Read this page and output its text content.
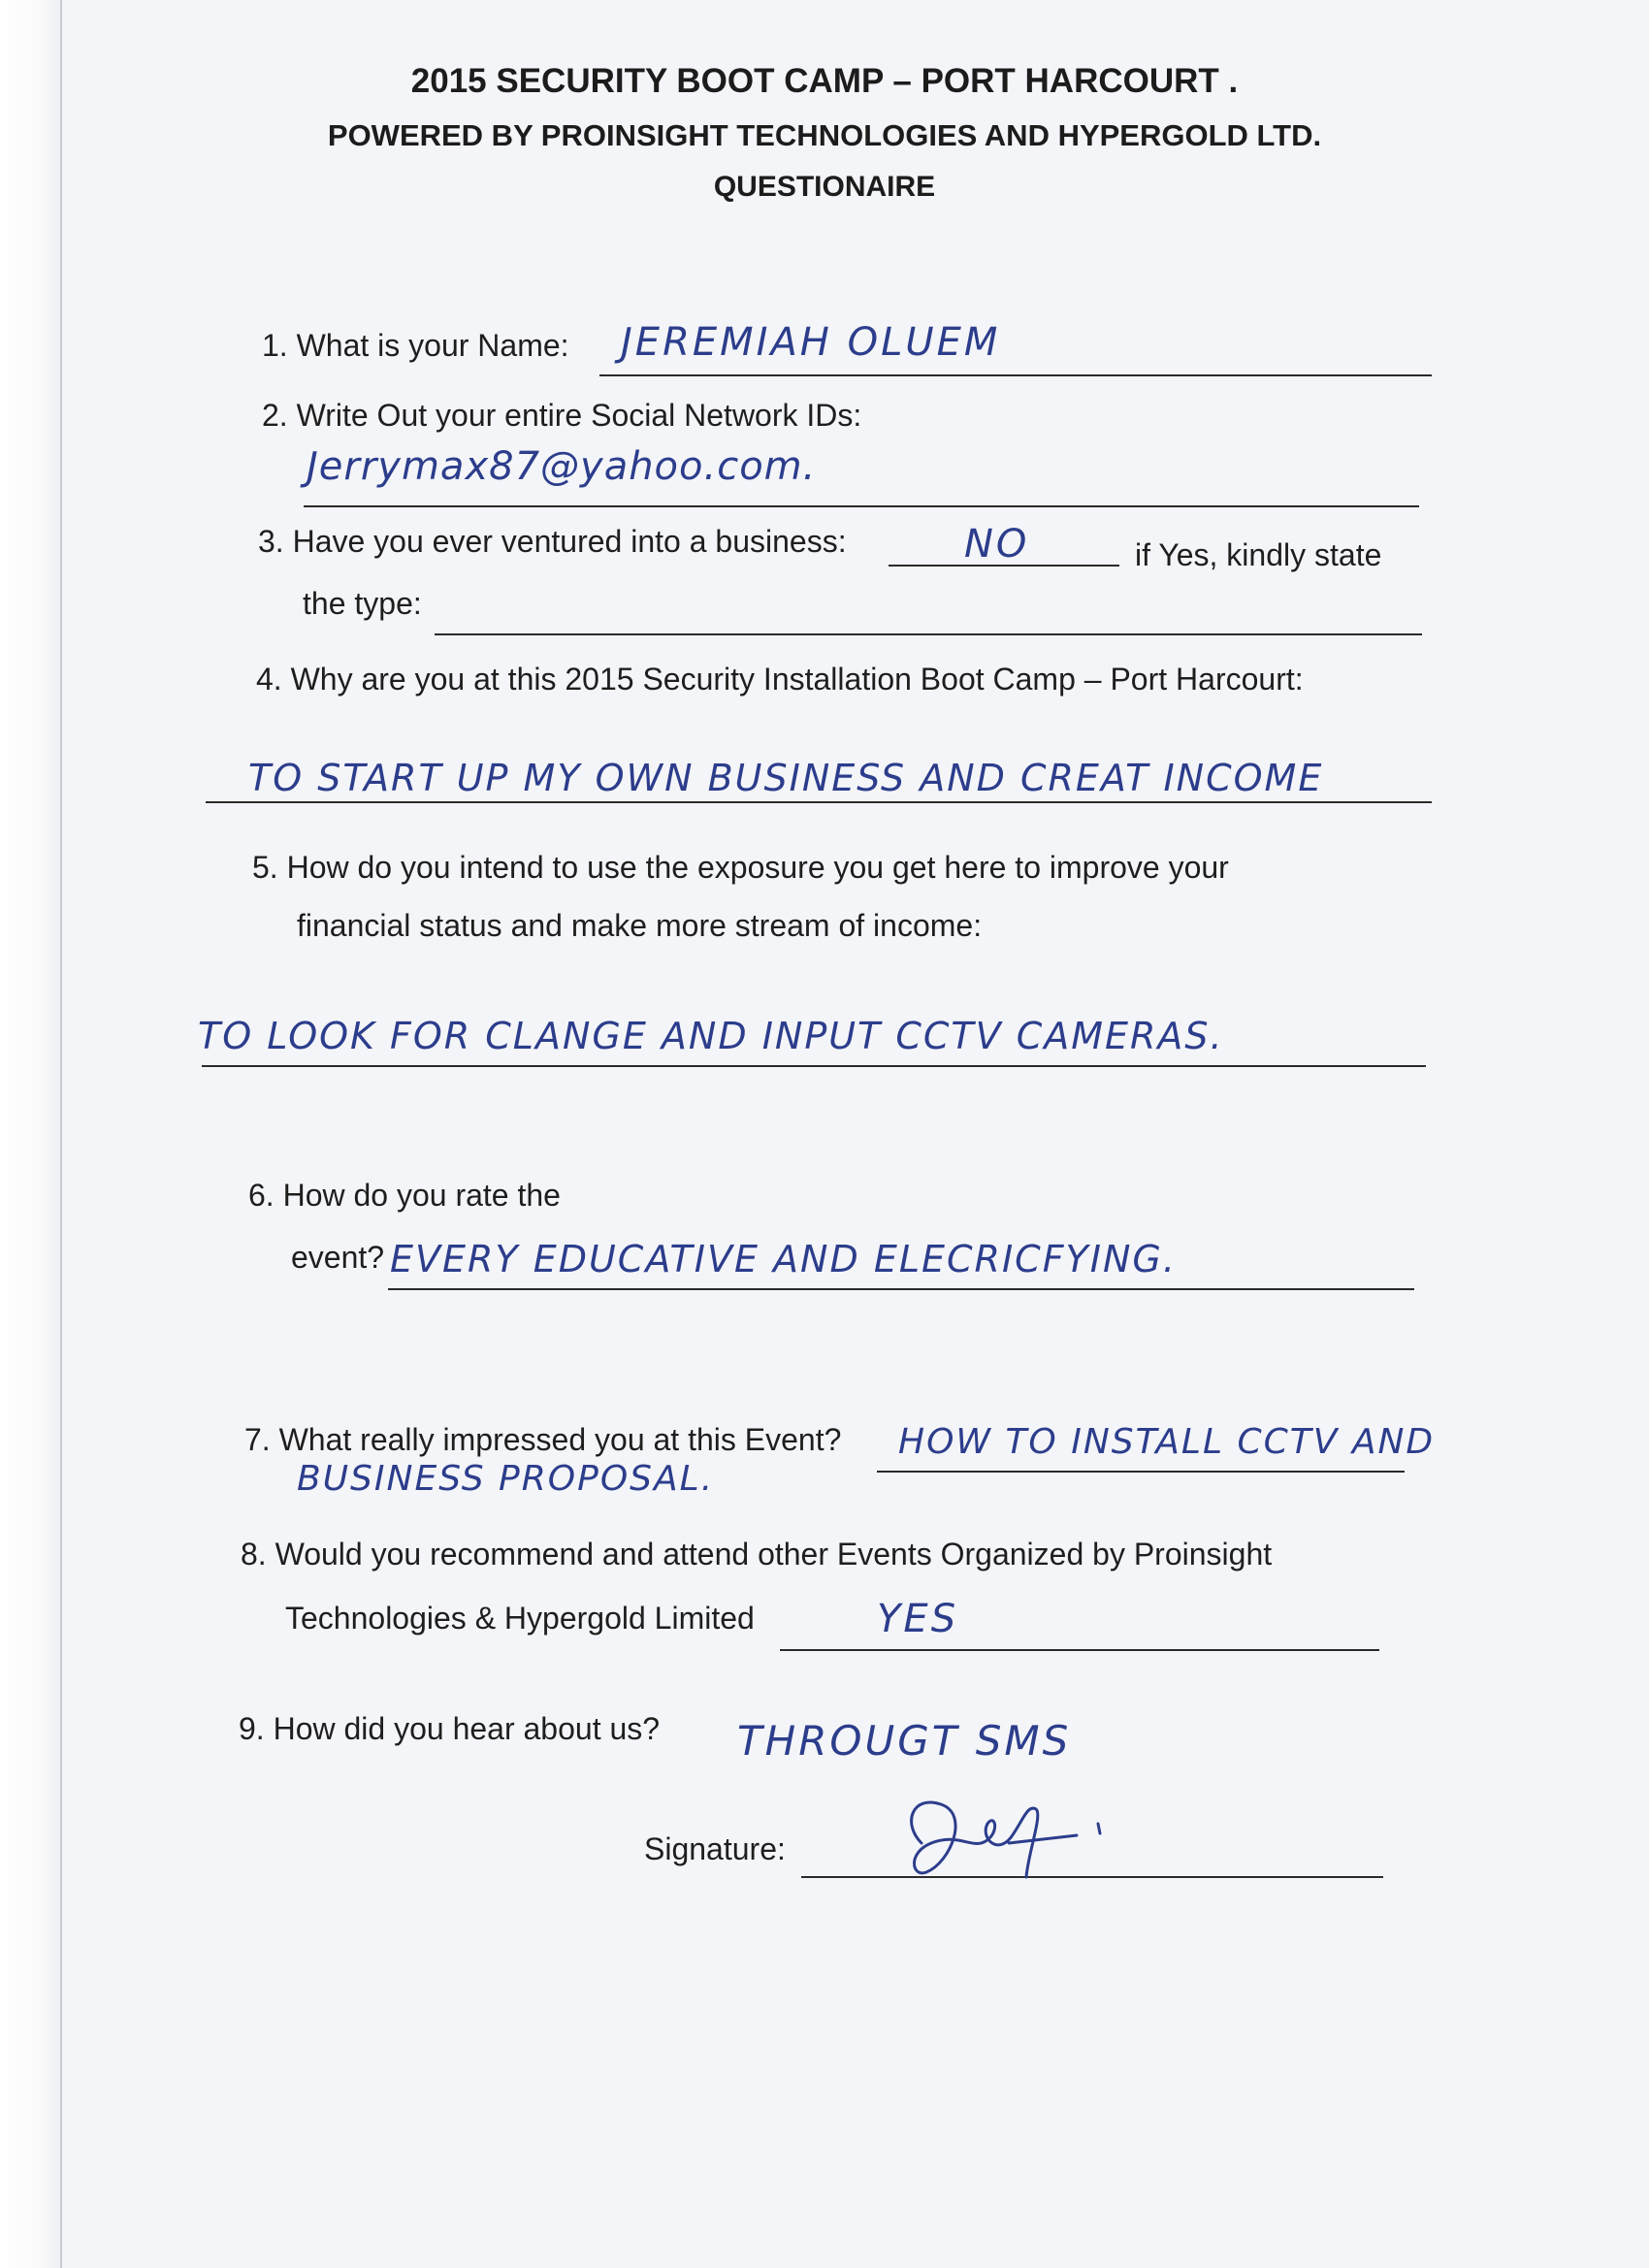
2015 SECURITY BOOT CAMP – PORT HARCOURT .
POWERED BY PROINSIGHT TECHNOLOGIES AND HYPERGOLD LTD.
QUESTIONAIRE
1. What is your Name: JEREMIAH OLUEM
2. Write Out your entire Social Network IDs:
Jerrymax87@yahoo.com.
3. Have you ever ventured into a business:	NO	if Yes, kindly state
the type:
4. Why are you at this 2015 Security Installation Boot Camp – Port Harcourt:
TO START UP MY OWN BUSINESS AND CREAT INCOME
5. How do you intend to use the exposure you get here to improve your
financial status and make more stream of income:
TO LOOK FOR CLANGE AND INPUT CCTV CAMERAS.
6. How do you rate the
event? EVERY EDUCATIVE AND ELECRICFYING.
7. What really impressed you at this Event? HOW TO INSTALL CCTV AND
BUSINESS PROPOSAL.
8. Would you recommend and attend other Events Organized by Proinsight
Technologies & Hypergold Limited	YES
9. How did you hear about us? THROUGT SMS
Signature:
